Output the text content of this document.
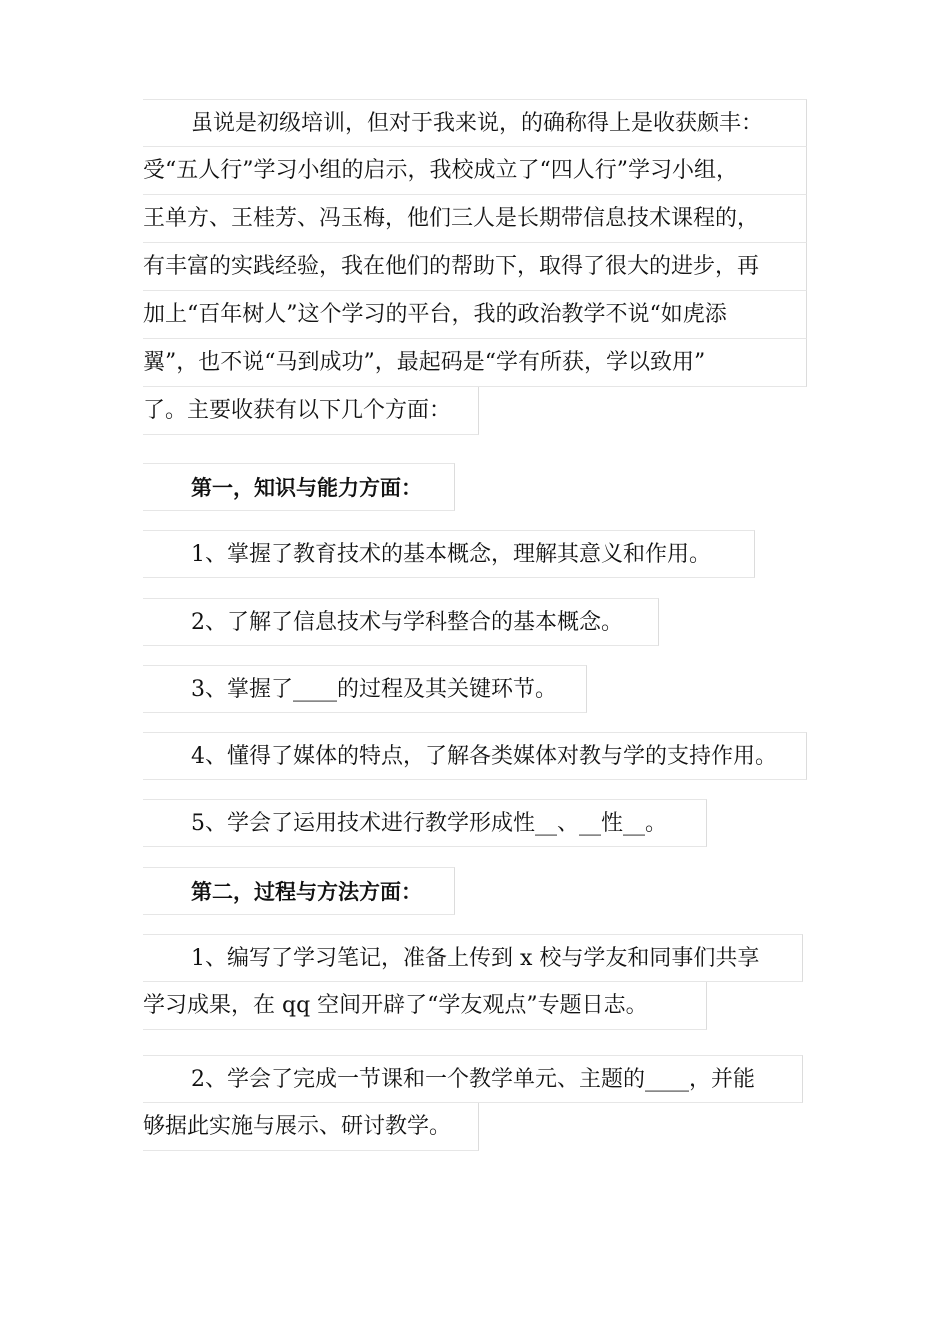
虽说是初级培训，但对于我来说，的确称得上是收获颇丰：
受“五人行”学习小组的启示，我校成立了“四人行”学习小组，
王单方、王桂芳、冯玉梅，他们三人是长期带信息技术课程的，
有丰富的实践经验，我在他们的帮助下，取得了很大的进步，再
加上“百年树人”这个学习的平台，我的政治教学不说“如虎添
翼”，也不说“马到成功”，最起码是“学有所获，学以致用”
了。主要收获有以下几个方面：
第一，知识与能力方面：
1、掌握了教育技术的基本概念，理解其意义和作用。
2、了解了信息技术与学科整合的基本概念。
3、掌握了____的过程及其关键环节。
4、懂得了媒体的特点，了解各类媒体对教与学的支持作用。
5、学会了运用技术进行教学形成性__、__性__。
第二，过程与方法方面：
1、编写了学习笔记，准备上传到 x 校与学友和同事们共享
学习成果，在 qq 空间开辟了“学友观点”专题日志。
2、学会了完成一节课和一个教学单元、主题的____，并能
够据此实施与展示、研讨教学。
